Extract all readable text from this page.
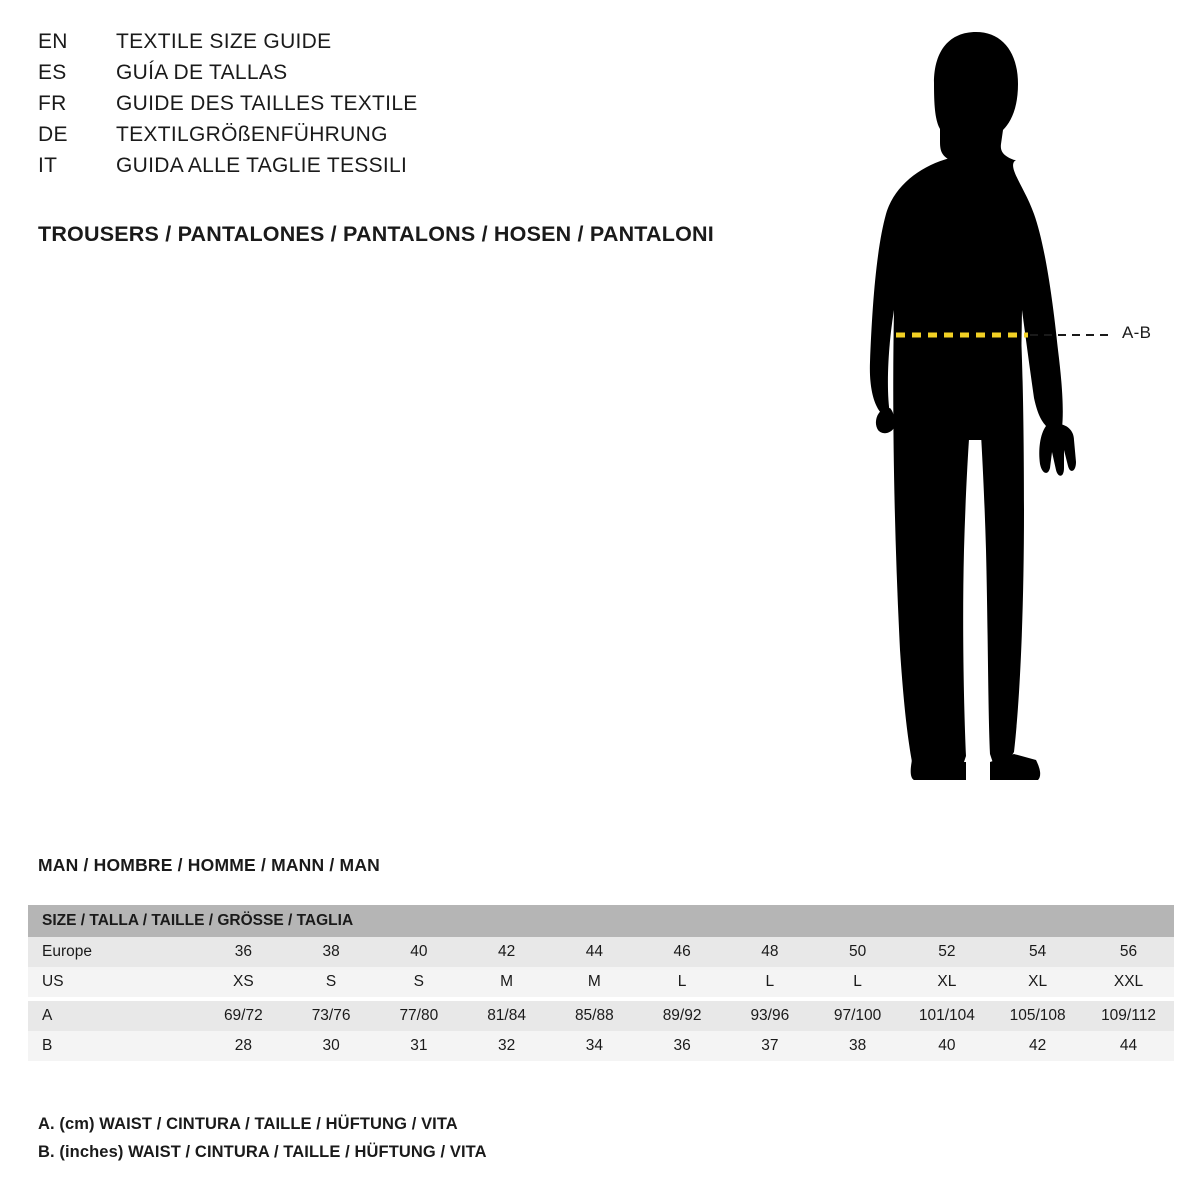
EN	TEXTILE SIZE GUIDE
ES	GUÍA DE TALLAS
FR	GUIDE DES TAILLES TEXTILE
DE	TEXTILGRÖßENFÜHRUNG
IT	GUIDA ALLE TAGLIE TESSILI
TROUSERS / PANTALONES / PANTALONS / HOSEN / PANTALONI
A-B
MAN / HOMBRE / HOMME / MANN / MAN
SIZE / TALLA / TAILLE / GRÖSSE / TAGLIA											
Europe	36	38	40	42	44	46	48	50	52	54	56
US	XS	S	S	M	M	L	L	L	XL	XL	XXL

A	69/72	73/76	77/80	81/84	85/88	89/92	93/96	97/100	101/104	105/108	109/112
B	28	30	31	32	34	36	37	38	40	42	44
A. (cm) WAIST / CINTURA / TAILLE / HÜFTUNG / VITA
B. (inches) WAIST / CINTURA / TAILLE / HÜFTUNG / VITA
